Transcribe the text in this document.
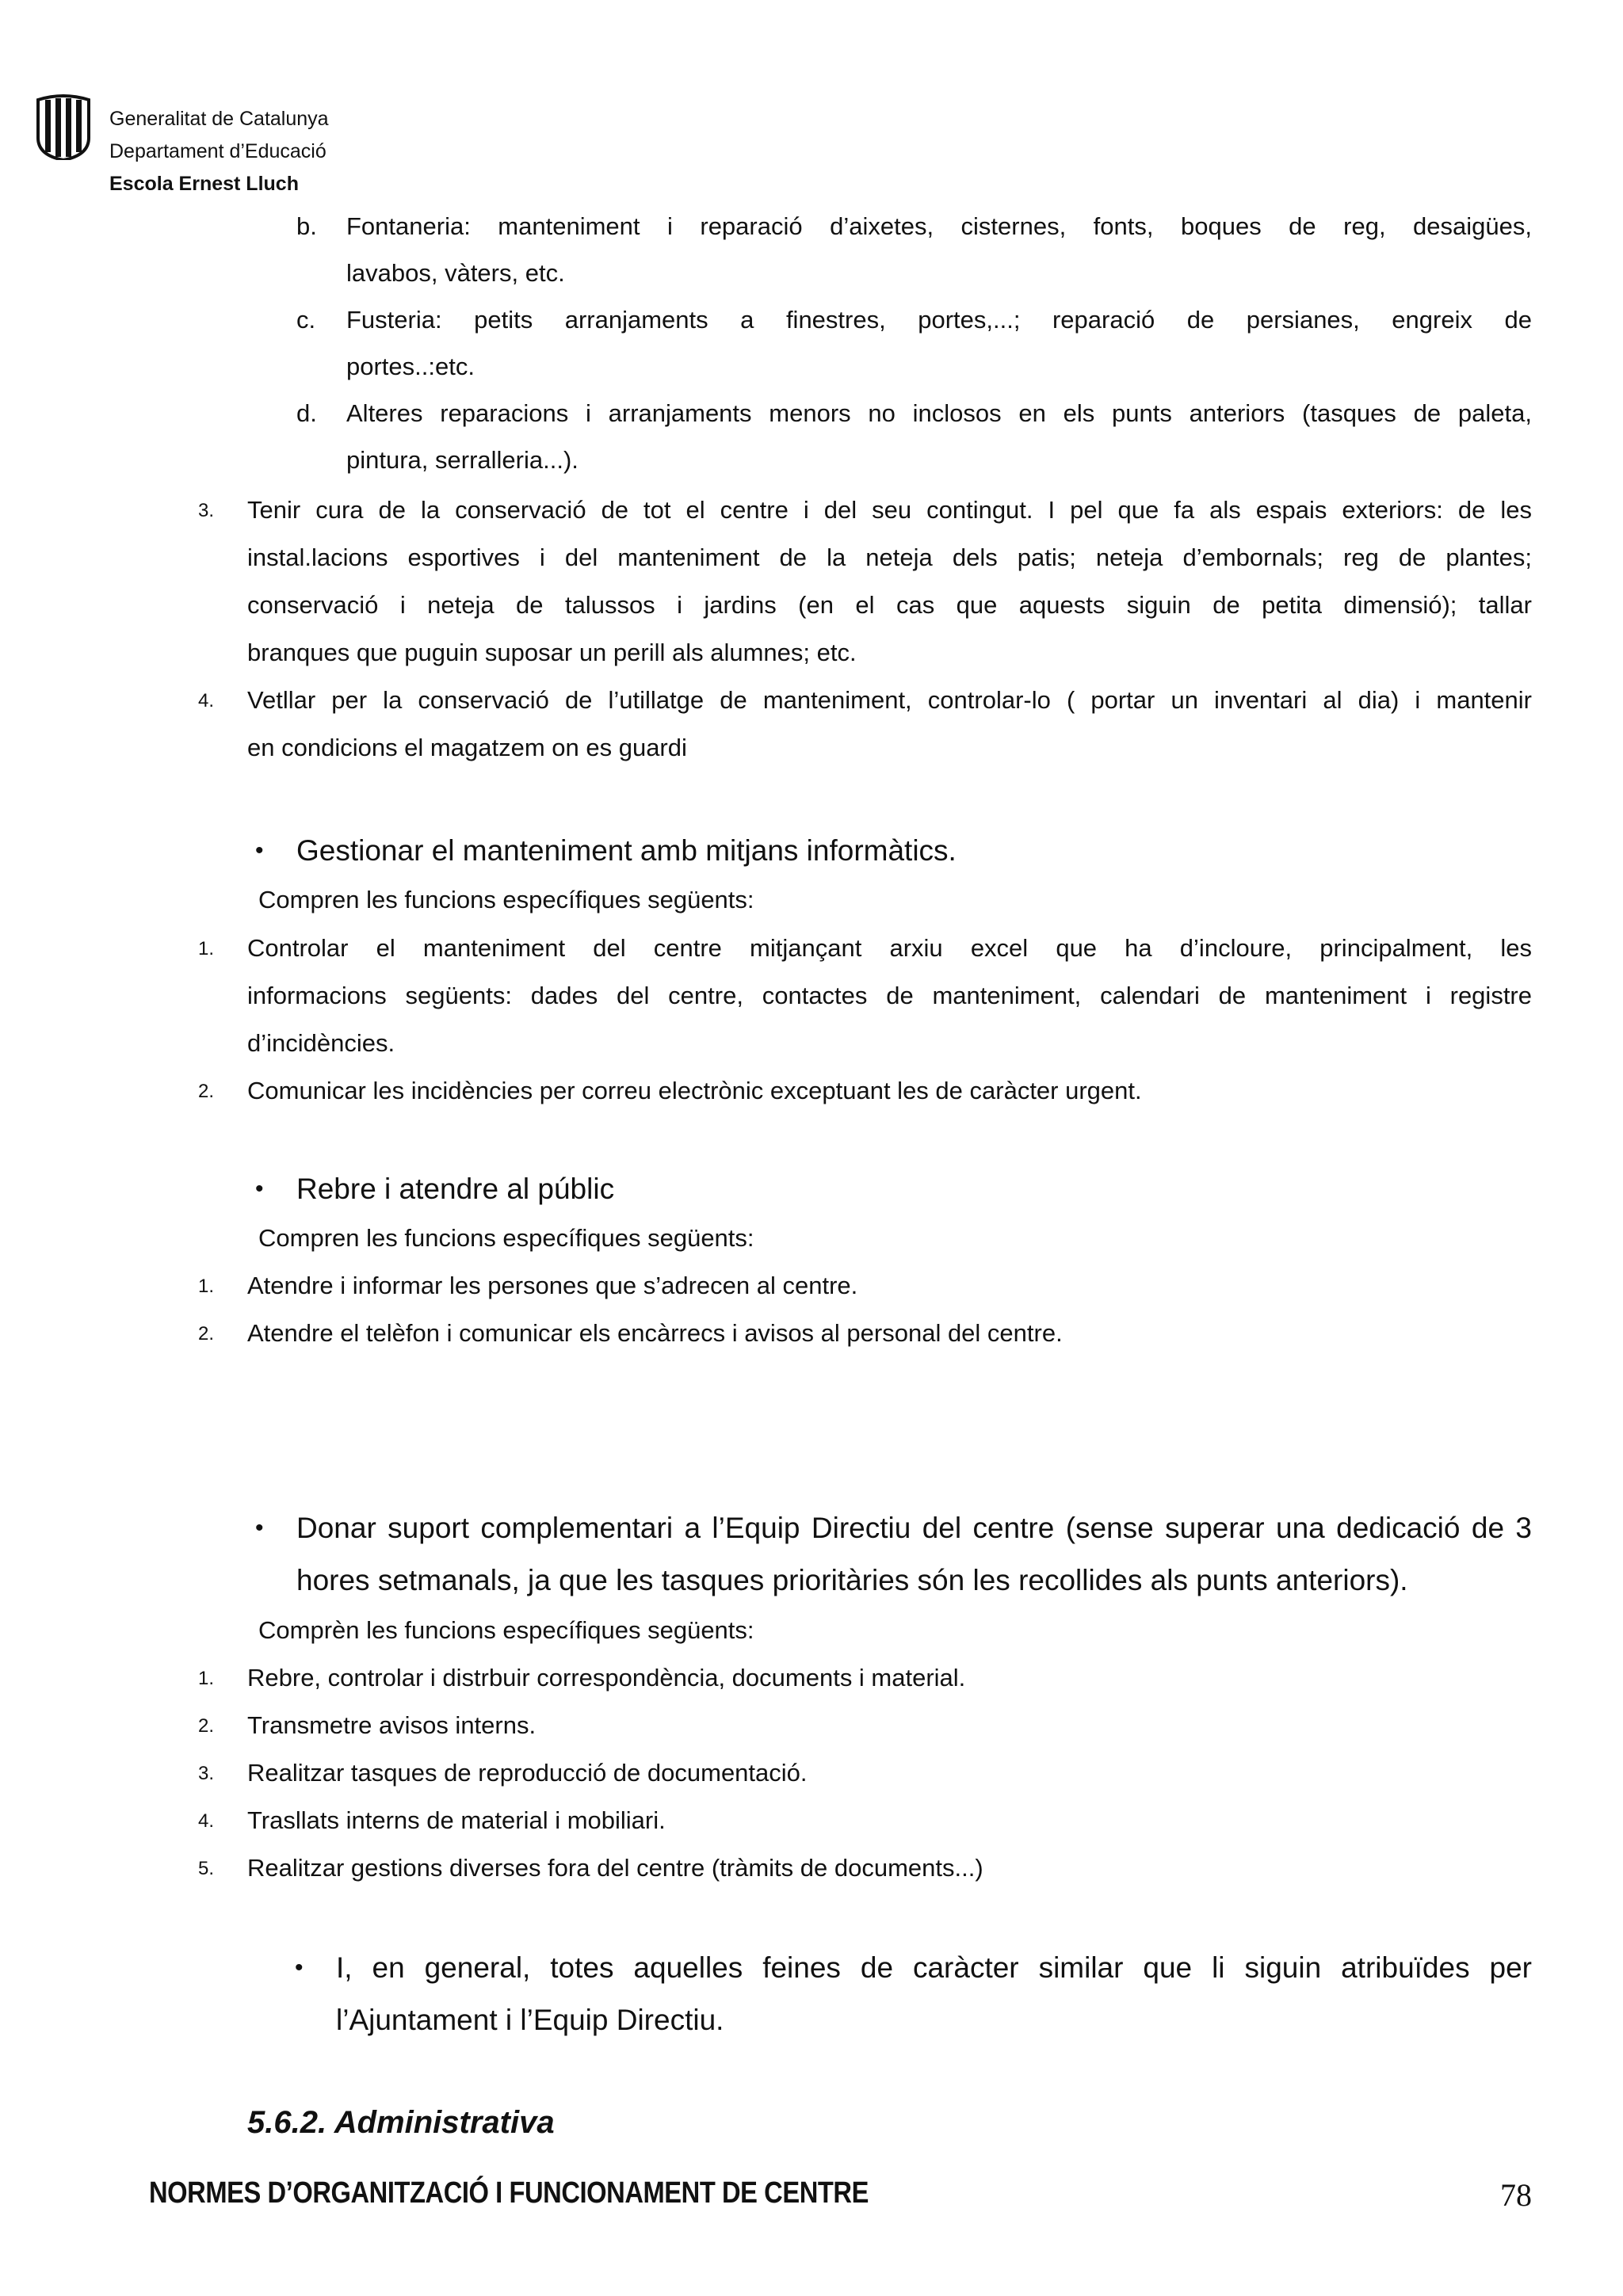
Generalitat de Catalunya
Departament d’Educació
Escola Ernest Lluch
b. Fontaneria: manteniment i reparació d’aixetes, cisternes, fonts, boques de reg, desaigües,
lavabos, vàters, etc.
c. Fusteria: petits arranjaments a finestres, portes,...; reparació de persianes, engreix de
portes..:etc.
d. Alteres reparacions i arranjaments menors no inclosos en els punts anteriors (tasques de paleta,
pintura, serralleria...).
3. Tenir cura de la conservació de tot el centre i del seu contingut. I pel que fa als espais exteriors: de les
instal.lacions esportives i del manteniment de la neteja dels patis; neteja d’embornals; reg de plantes;
conservació i neteja de talussos i jardins (en el cas que aquests siguin de petita dimensió); tallar
branques que puguin suposar un perill als alumnes; etc.
4. Vetllar per la conservació de l’utillatge de manteniment, controlar-lo ( portar un inventari al dia) i mantenir
en condicions el magatzem on es guardi
• Gestionar el manteniment amb mitjans informàtics.
Compren les funcions específiques següents:
1. Controlar el manteniment del centre mitjançant arxiu excel que ha d’incloure, principalment, les
informacions següents: dades del centre, contactes de manteniment, calendari de manteniment i registre
d’incidències.
2. Comunicar les incidències per correu electrònic exceptuant les de caràcter urgent.
• Rebre i atendre al públic
Compren les funcions específiques següents:
1. Atendre i informar les persones que s’adrecen al centre.
2. Atendre el telèfon i comunicar els encàrrecs i avisos al personal del centre.
• Donar suport complementari a l’Equip Directiu del centre (sense superar una dedicació de 3
hores setmanals, ja que les tasques prioritàries són les recollides als punts anteriors).
Comprèn les funcions específiques següents:
1. Rebre, controlar i distrbuir correspondència, documents i material.
2. Transmetre avisos interns.
3. Realitzar tasques de reproducció de documentació.
4. Trasllats interns de material i mobiliari.
5. Realitzar gestions diverses fora del centre (tràmits de documents...)
• I, en general, totes aquelles feines de caràcter similar que li siguin atribuïdes per
l’Ajuntament i l’Equip Directiu.
5.6.2. Administrativa
NORMES D’ORGANITZACIÓ I FUNCIONAMENT DE CENTRE	78
